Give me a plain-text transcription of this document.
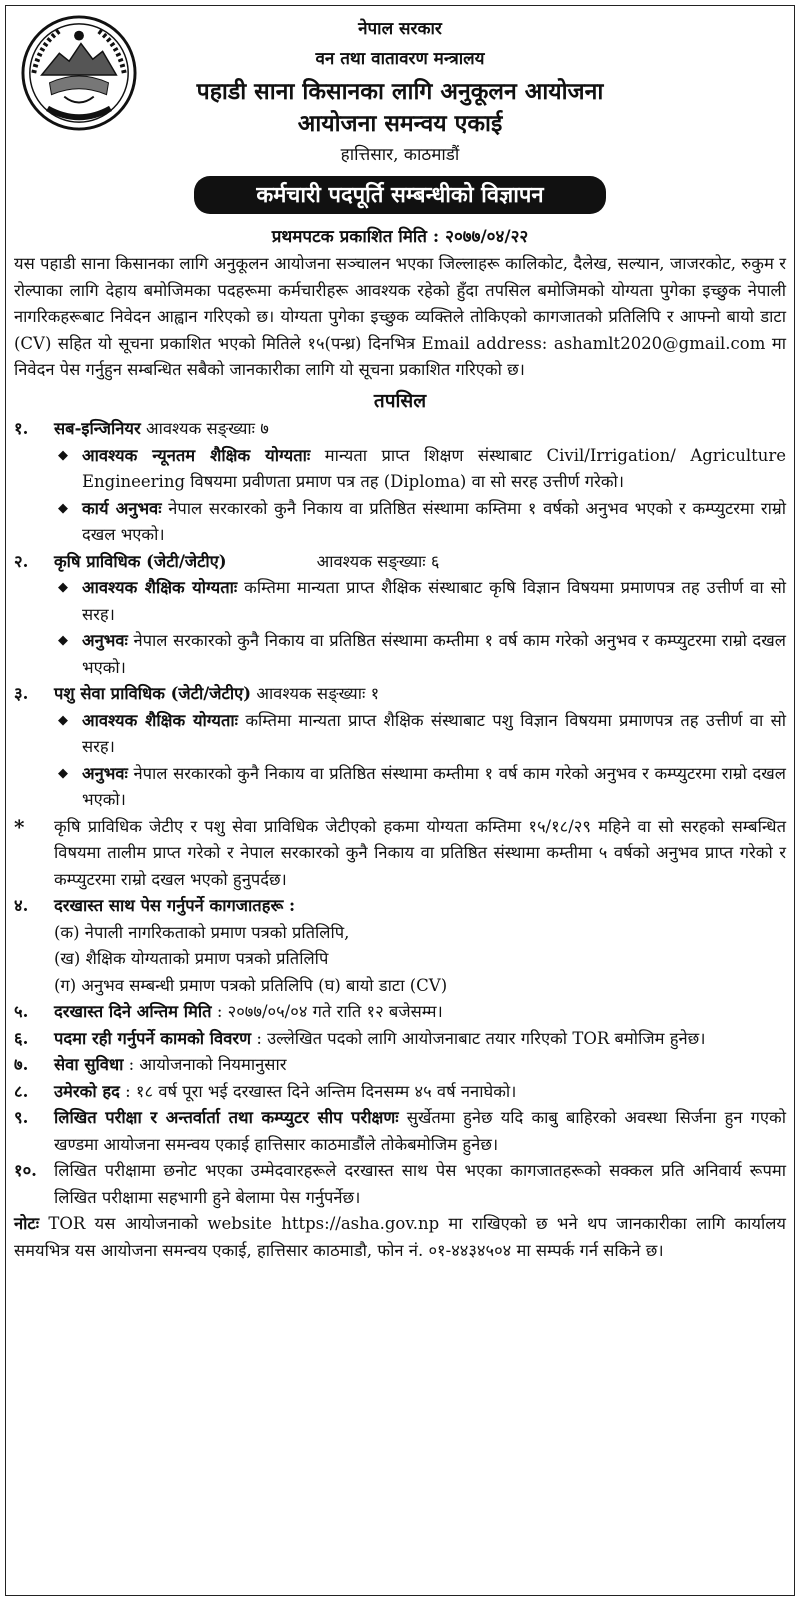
नेपाल सरकार
वन तथा वातावरण मन्त्रालय
पहाडी साना किसानका लागि अनुकूलन आयोजना
आयोजना समन्वय एकाई
हात्तिसार, काठमाडौं
कर्मचारी पदपूर्ति सम्बन्धीको विज्ञापन
प्रथमपटक प्रकाशित मिति : २०७७/०४/२२

यस पहाडी साना किसानका लागि अनुकूलन आयोजना सञ्चालन भएका जिल्लाहरू कालिकोट, दैलेख, सल्यान, जाजरकोट, रुकुम र रोल्पाका लागि देहाय बमोजिमका पदहरूमा कर्मचारीहरू आवश्यक रहेको हुँदा तपसिल बमोजिमको योग्यता पुगेका इच्छुक नेपाली नागरिकहरूबाट निवेदन आह्वान गरिएको छ। योग्यता पुगेका इच्छुक व्यक्तिले तोकिएको कागजातको प्रतिलिपि र आफ्नो बायो डाटा (CV) सहित यो सूचना प्रकाशित भएको मितिले १५(पन्ध्र) दिनभित्र Email address: ashamlt2020@gmail.com मा निवेदन पेस गर्नुहुन सम्बन्धित सबैको जानकारीका लागि यो सूचना प्रकाशित गरिएको छ।

तपसिल
१.	सब-इन्जिनियर आवश्यक सङ्ख्याः ७
◆ आवश्यक न्यूनतम शैक्षिक योग्यताः मान्यता प्राप्त शिक्षण संस्थाबाट Civil/Irrigation/ Agriculture Engineering विषयमा प्रवीणता प्रमाण पत्र तह (Diploma) वा सो सरह उत्तीर्ण गरेको।
◆ कार्य अनुभवः नेपाल सरकारको कुनै निकाय वा प्रतिष्ठित संस्थामा कम्तिमा १ वर्षको अनुभव भएको र कम्प्युटरमा राम्रो दखल भएको।
२.	कृषि प्राविधिक (जेटी/जेटीए)	आवश्यक सङ्ख्याः ६
◆ आवश्यक शैक्षिक योग्यताः कम्तिमा मान्यता प्राप्त शैक्षिक संस्थाबाट कृषि विज्ञान विषयमा प्रमाणपत्र तह उत्तीर्ण वा सो सरह।
◆ अनुभवः नेपाल सरकारको कुनै निकाय वा प्रतिष्ठित संस्थामा कम्तीमा १ वर्ष काम गरेको अनुभव र कम्प्युटरमा राम्रो दखल भएको।
३.	पशु सेवा प्राविधिक (जेटी/जेटीए) आवश्यक सङ्ख्याः १
◆ आवश्यक शैक्षिक योग्यताः कम्तिमा मान्यता प्राप्त शैक्षिक संस्थाबाट पशु विज्ञान विषयमा प्रमाणपत्र तह उत्तीर्ण वा सो सरह।
◆ अनुभवः नेपाल सरकारको कुनै निकाय वा प्रतिष्ठित संस्थामा कम्तीमा १ वर्ष काम गरेको अनुभव र कम्प्युटरमा राम्रो दखल भएको।
*	कृषि प्राविधिक जेटीए र पशु सेवा प्राविधिक जेटीएको हकमा योग्यता कम्तिमा १५/१८/२९ महिने वा सो सरहको सम्बन्धित विषयमा तालीम प्राप्त गरेको र नेपाल सरकारको कुनै निकाय वा प्रतिष्ठित संस्थामा कम्तीमा ५ वर्षको अनुभव प्राप्त गरेको र कम्प्युटरमा राम्रो दखल भएको हुनुपर्दछ।
४.	दरखास्त साथ पेस गर्नुपर्ने कागजातहरू :
(क) नेपाली नागरिकताको प्रमाण पत्रको प्रतिलिपि,
(ख) शैक्षिक योग्यताको प्रमाण पत्रको प्रतिलिपि
(ग) अनुभव सम्बन्धी प्रमाण पत्रको प्रतिलिपि (घ) बायो डाटा (CV)
५.	दरखास्त दिने अन्तिम मिति : २०७७/०५/०४ गते राति १२ बजेसम्म।
६.	पदमा रही गर्नुपर्ने कामको विवरण : उल्लेखित पदको लागि आयोजनाबाट तयार गरिएको TOR बमोजिम हुनेछ।
७.	सेवा सुविधा : आयोजनाको नियमानुसार
८.	उमेरको हद : १८ वर्ष पूरा भई दरखास्त दिने अन्तिम दिनसम्म ४५ वर्ष ननाघेको।
९.	लिखित परीक्षा र अन्तर्वार्ता तथा कम्प्युटर सीप परीक्षणः सुर्खेतमा हुनेछ यदि काबु बाहिरको अवस्था सिर्जना हुन गएको खण्डमा आयोजना समन्वय एकाई हात्तिसार काठमाडौंले तोकेबमोजिम हुनेछ।
१०.	लिखित परीक्षामा छनोट भएका उम्मेदवारहरूले दरखास्त साथ पेस भएका कागजातहरूको सक्कल प्रति अनिवार्य रूपमा लिखित परीक्षामा सहभागी हुने बेलामा पेस गर्नुपर्नेछ।

नोटः TOR यस आयोजनाको website https://asha.gov.np मा राखिएको छ भने थप जानकारीका लागि कार्यालय समयभित्र यस आयोजना समन्वय एकाई, हात्तिसार काठमाडौ, फोन नं. ०१-४४३४५०४ मा सम्पर्क गर्न सकिने छ।
